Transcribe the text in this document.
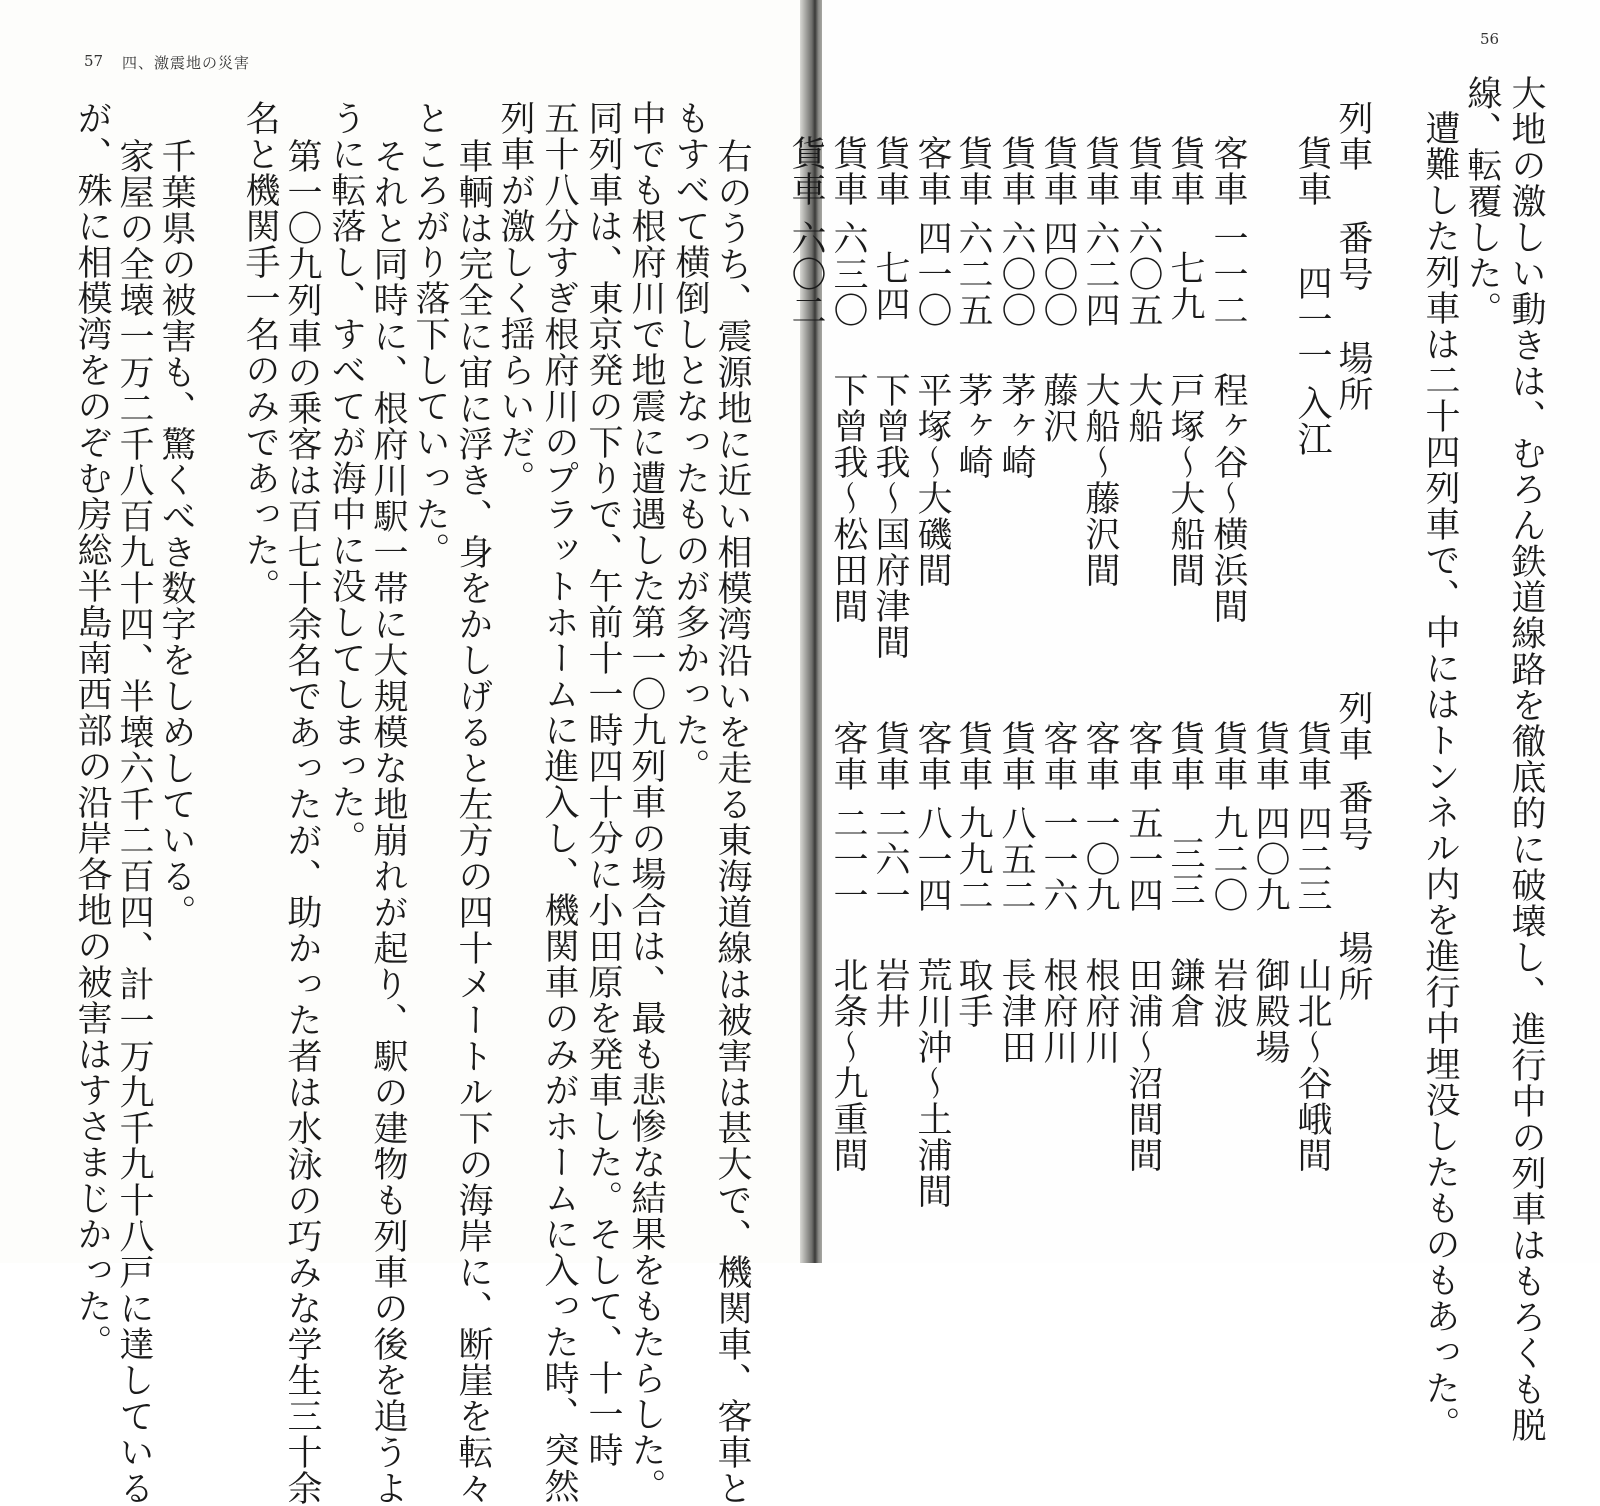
57 四、激震地の災害
右のうち、震源地に近い相模湾沿いを走る東海道線は被害は甚大で、機関車、客車と
もすべて横倒しとなったものが多かった。
中でも根府川で地震に遭遇した第一〇九列車の場合は、最も悲惨な結果をもたらした。
同列車は、東京発の下りで、午前十一時四十分に小田原を発車した。そして、十一時
五十八分すぎ根府川のプラットホームに進入し、機関車のみがホームに入った時、突然
列車が激しく揺らいだ。
車輌は完全に宙に浮き、身をかしげると左方の四十メートル下の海岸に、断崖を転々
ところがり落下していった。
それと同時に、根府川駅一帯に大規模な地崩れが起り、駅の建物も列車の後を追うよ
うに転落し、すべてが海中に没してしまった。
第一〇九列車の乗客は百七十余名であったが、助かった者は水泳の巧みな学生三十余
名と機関手一名のみであった。
千葉県の被害も、驚くべき数字をしめしている。
家屋の全壊一万二千八百九十四、半壊六千二百四、計一万九千九十八戸に達している
が、殊に相模湾をのぞむ房総半島南西部の沿岸各地の被害はすさまじかった。
56
大地の激しい動きは、むろん鉄道線路を徹底的に破壊し、進行中の列車はもろくも脱
線、転覆した。
遭難した列車は二十四列車で、中にはトンネル内を進行中埋没したものもあった。
貨車
四一一
入江
客車
一一二
程ヶ谷〜横浜間
貨車
七九
戸塚〜大船間
貨車
六〇五
大船
貨車
六二四
大船〜藤沢間
貨車
四〇〇
藤沢
貨車
六〇〇
茅ヶ崎
貨車
六二五
茅ヶ崎
客車
四一〇
平塚〜大磯間
貨車
七四
下曾我〜国府津間
貨車
六三〇
下曾我〜松田間
列車
番号
場所
列車
番号
場所
貨車
四二三
山北〜谷峨間
貨車
四〇九
御殿場
貨車
九二〇
岩波
貨車
三三
鎌倉
客車
五一四
田浦〜沼間間
客車
一〇九
根府川
客車
一一六
根府川
貨車
八五二
長津田
貨車
九九二
取手
客車
八一四
荒川沖〜土浦間
貨車
二六一
岩井
客車
二一一
北条〜九重間
貨車
六〇二
